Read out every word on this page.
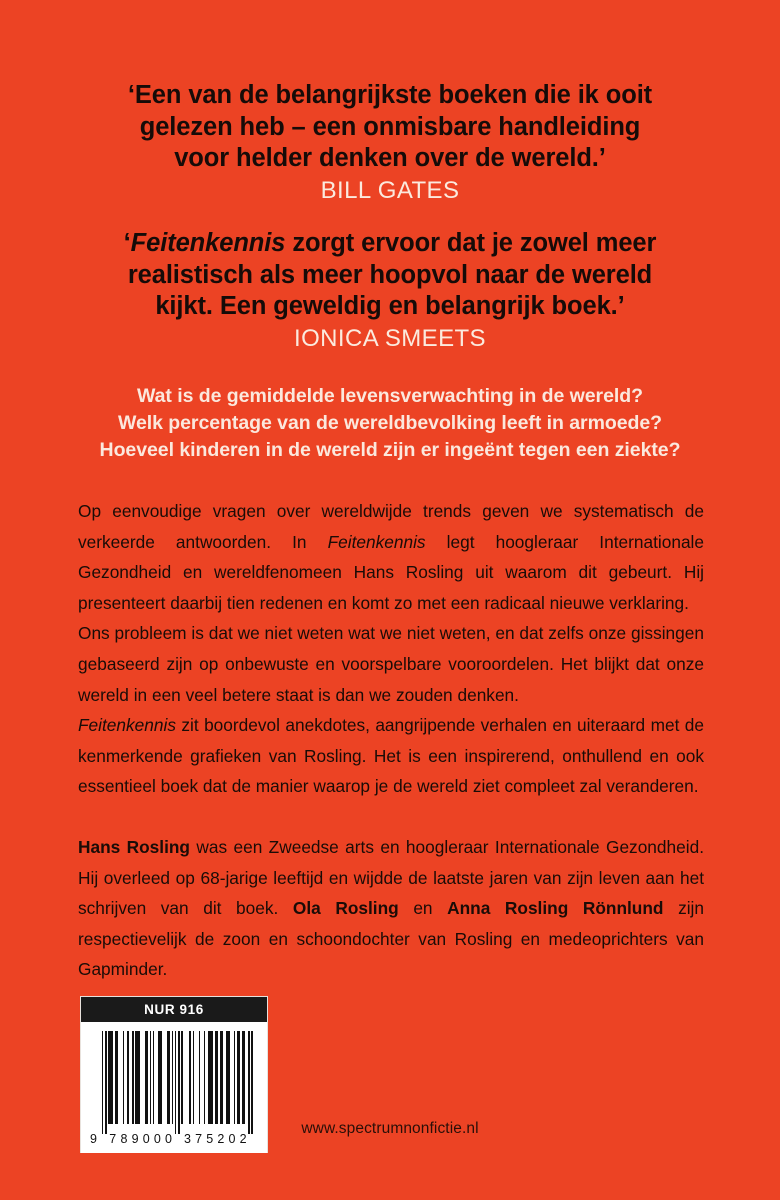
‘Een van de belangrijkste boeken die ik ooit
gelezen heb – een onmisbare handleiding
voor helder denken over de wereld.’
BILL GATES
‘Feitenkennis zorgt ervoor dat je zowel meer
realistisch als meer hoopvol naar de wereld
kijkt. Een geweldig en belangrijk boek.’
IONICA SMEETS
Wat is de gemiddelde levensverwachting in de wereld?
Welk percentage van de wereldbevolking leeft in armoede?
Hoeveel kinderen in de wereld zijn er ingeënt tegen een ziekte?

Op eenvoudige vragen over wereldwijde trends geven we systematisch de verkeerde antwoorden. In Feitenkennis legt hoogleraar Internationale Gezondheid en wereldfenomeen Hans Rosling uit waarom dit gebeurt. Hij presenteert daarbij tien redenen en komt zo met een radicaal nieuwe verklaring.

Ons probleem is dat we niet weten wat we niet weten, en dat zelfs onze gissingen gebaseerd zijn op onbewuste en voorspelbare vooroordelen. Het blijkt dat onze wereld in een veel betere staat is dan we zouden denken.

Feitenkennis zit boordevol anekdotes, aangrijpende verhalen en uiteraard met de kenmerkende grafieken van Rosling. Het is een inspirerend, onthullend en ook essentieel boek dat de manier waarop je de wereld ziet compleet zal veranderen.

Hans Rosling was een Zweedse arts en hoogleraar Internationale Gezondheid. Hij overleed op 68-jarige leeftijd en wijdde de laatste jaren van zijn leven aan het schrijven van dit boek. Ola Rosling en Anna Rosling Rönnlund zijn respectievelijk de zoon en schoondochter van Rosling en medeoprichters van Gapminder.

NUR 916
9 7 8 9 0 0 0 3 7 5 2 0 2
www.spectrumnonfictie.nl
